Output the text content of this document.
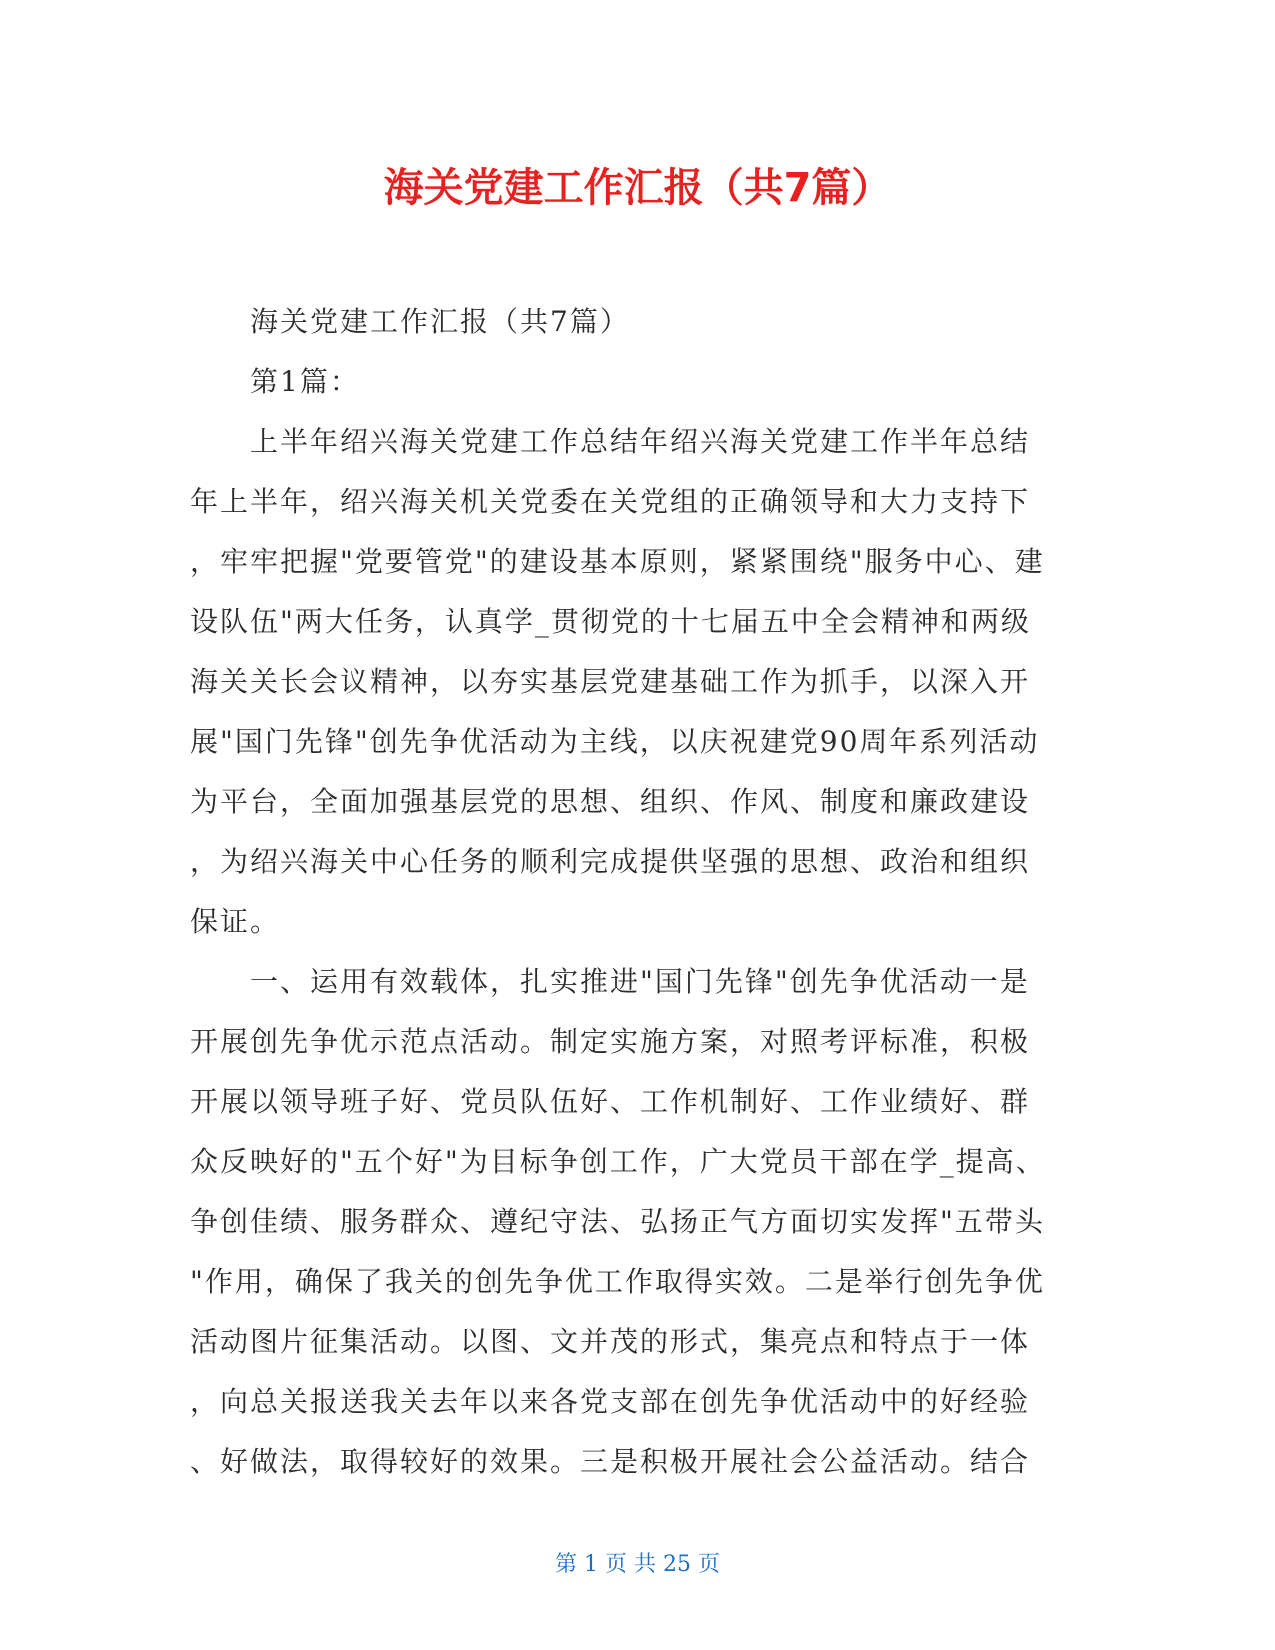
海关党建工作汇报（共7篇）

海关党建工作汇报（共7篇）

第1篇：

上半年绍兴海关党建工作总结年绍兴海关党建工作半年总结

年上半年，绍兴海关机关党委在关党组的正确领导和大力支持下

，牢牢把握"党要管党"的建设基本原则，紧紧围绕"服务中心、建

设队伍"两大任务，认真学_贯彻党的十七届五中全会精神和两级

海关关长会议精神，以夯实基层党建基础工作为抓手，以深入开

展"国门先锋"创先争优活动为主线，以庆祝建党90周年系列活动

为平台，全面加强基层党的思想、组织、作风、制度和廉政建设

，为绍兴海关中心任务的顺利完成提供坚强的思想、政治和组织

保证。

一、运用有效载体，扎实推进"国门先锋"创先争优活动一是

开展创先争优示范点活动。制定实施方案，对照考评标准，积极

开展以领导班子好、党员队伍好、工作机制好、工作业绩好、群

众反映好的"五个好"为目标争创工作，广大党员干部在学_提高、

争创佳绩、服务群众、遵纪守法、弘扬正气方面切实发挥"五带头

"作用，确保了我关的创先争优工作取得实效。二是举行创先争优

活动图片征集活动。以图、文并茂的形式，集亮点和特点于一体

，向总关报送我关去年以来各党支部在创先争优活动中的好经验

、好做法，取得较好的效果。三是积极开展社会公益活动。结合

第 1 页 共 25 页
